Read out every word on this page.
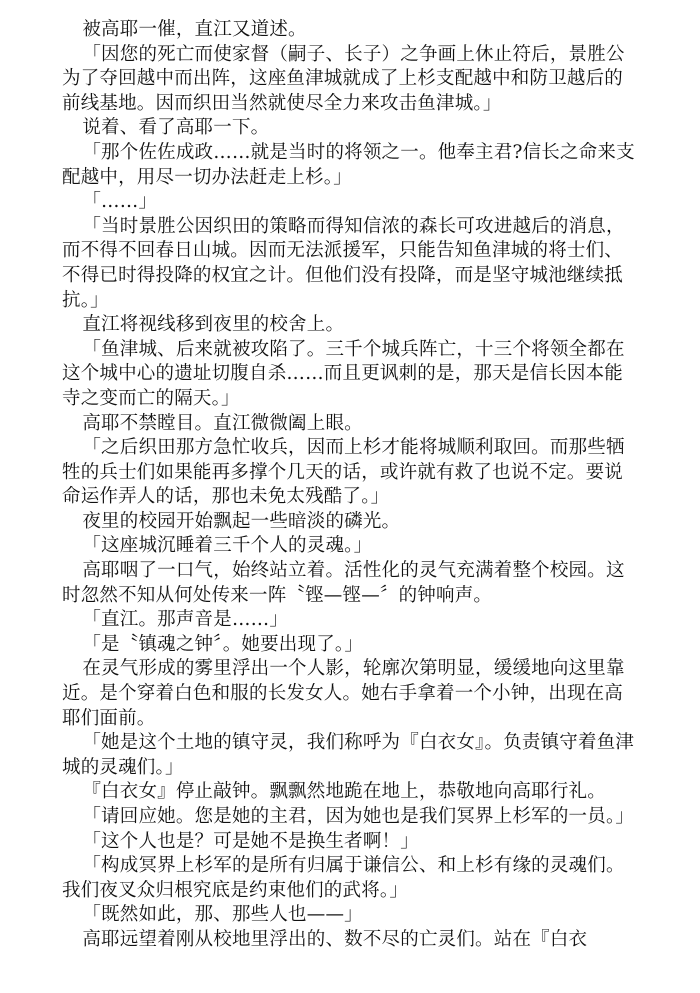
被高耶一催，直江又道述。

「因您的死亡而使家督（嗣子、长子）之争画上休止符后，景胜公为了夺回越中而出阵，这座鱼津城就成了上杉支配越中和防卫越后的前线基地。因而织田当然就使尽全力来攻击鱼津城。」

说着、看了高耶一下。

「那个佐佐成政……就是当时的将领之一。他奉主君?信长之命来支配越中，用尽一切办法赶走上杉。」

「……」

「当时景胜公因织田的策略而得知信浓的森长可攻进越后的消息，而不得不回春日山城。因而无法派援军，只能告知鱼津城的将士们、不得已时得投降的权宜之计。但他们没有投降，而是坚守城池继续抵抗。」

直江将视线移到夜里的校舍上。

「鱼津城、后来就被攻陷了。三千个城兵阵亡，十三个将领全都在这个城中心的遗址切腹自杀……而且更讽刺的是，那天是信长因本能寺之变而亡的隔天。」

高耶不禁瞠目。直江微微阖上眼。

「之后织田那方急忙收兵，因而上杉才能将城顺利取回。而那些牺牲的兵士们如果能再多撑个几天的话，或许就有救了也说不定。要说命运作弄人的话，那也未免太残酷了。」

夜里的校园开始飘起一些暗淡的磷光。

「这座城沉睡着三千个人的灵魂。」

高耶咽了一口气，始终站立着。活性化的灵气充满着整个校园。这时忽然不知从何处传来一阵〝铿—铿—〞的钟响声。

「直江。那声音是……」

「是〝镇魂之钟〞。她要出现了。」

在灵气形成的雾里浮出一个人影，轮廓次第明显，缓缓地向这里靠近。是个穿着白色和服的长发女人。她右手拿着一个小钟，出现在高耶们面前。

「她是这个土地的镇守灵，我们称呼为『白衣女』。负责镇守着鱼津城的灵魂们。」

『白衣女』停止敲钟。飘飘然地跪在地上，恭敬地向高耶行礼。

「请回应她。您是她的主君，因为她也是我们冥界上杉军的一员。」

「这个人也是？可是她不是换生者啊！」

「构成冥界上杉军的是所有归属于谦信公、和上杉有缘的灵魂们。我们夜叉众归根究底是约束他们的武将。」

「既然如此，那、那些人也——」

高耶远望着刚从校地里浮出的、数不尽的亡灵们。站在『白衣
